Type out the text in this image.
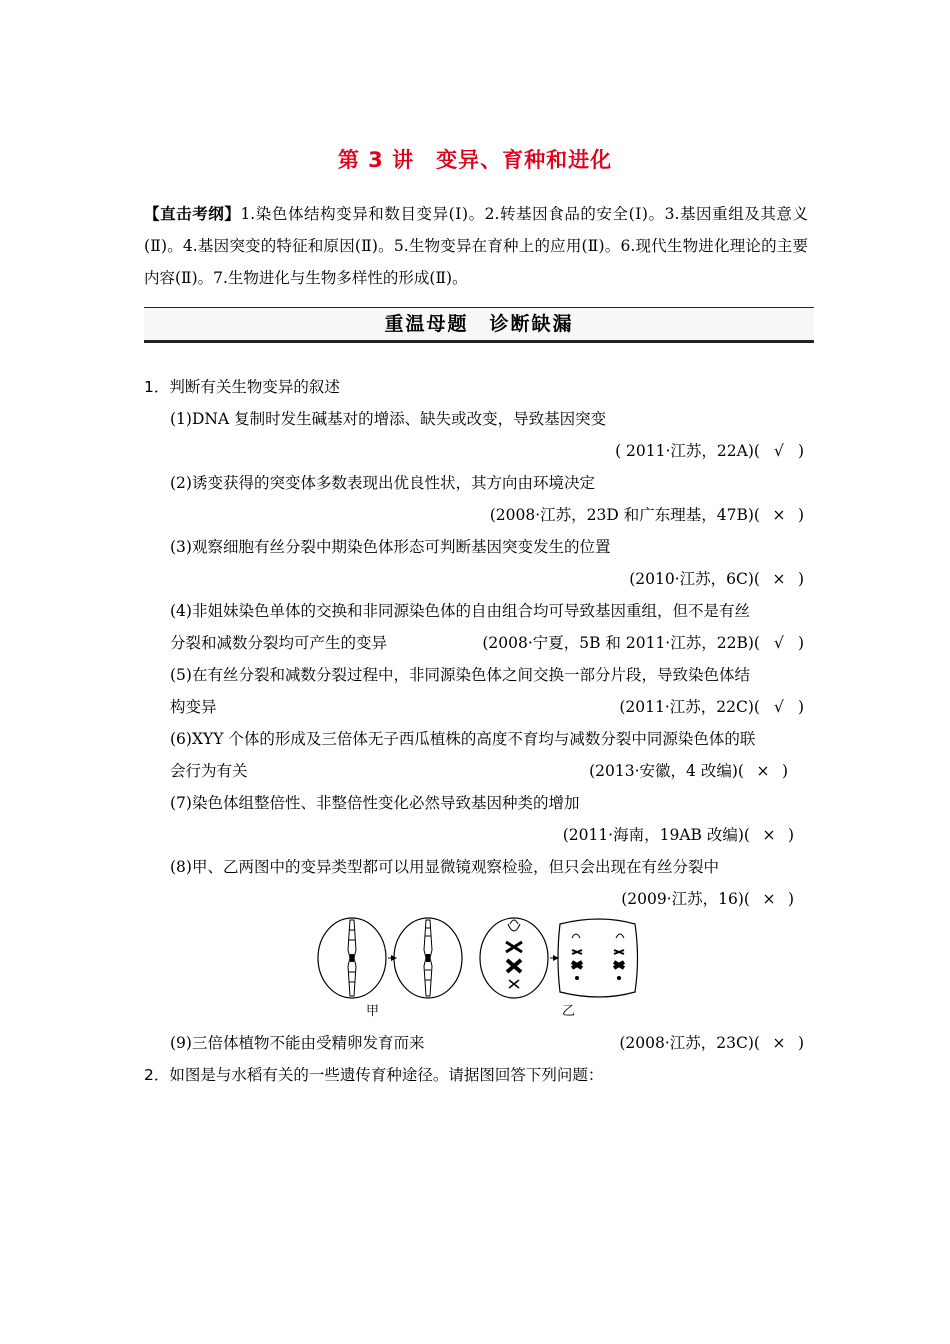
第 3 讲　变异、育种和进化
【直击考纲】1.染色体结构变异和数目变异(Ⅰ)。2.转基因食品的安全(Ⅰ)。3.基因重组及其意义(Ⅱ)。4.基因突变的特征和原因(Ⅱ)。5.生物变异在育种上的应用(Ⅱ)。6.现代生物进化理论的主要内容(Ⅱ)。7.生物进化与生物多样性的形成(Ⅱ)。
重温母题　诊断缺漏
1．判断有关生物变异的叙述
(1)DNA 复制时发生碱基对的增添、缺失或改变，导致基因突变
( 2011·江苏，22A)( √ )
(2)诱变获得的突变体多数表现出优良性状，其方向由环境决定
(2008·江苏，23D 和广东理基，47B)( × )
(3)观察细胞有丝分裂中期染色体形态可判断基因突变发生的位置
(2010·江苏，6C)( × )
(4)非姐妹染色单体的交换和非同源染色体的自由组合均可导致基因重组，但不是有丝
分裂和减数分裂均可产生的变异	(2008·宁夏，5B 和 2011·江苏，22B)( √ )
(5)在有丝分裂和减数分裂过程中，非同源染色体之间交换一部分片段，导致染色体结
构变异	(2011·江苏，22C)( √ )
(6)XYY 个体的形成及三倍体无子西瓜植株的高度不育均与减数分裂中同源染色体的联
会行为有关	(2013·安徽，4 改编)( × )
(7)染色体组整倍性、非整倍性变化必然导致基因种类的增加
(2011·海南，19AB 改编)( × )
(8)甲、乙两图中的变异类型都可以用显微镜观察检验，但只会出现在有丝分裂中
(2009·江苏，16)( × )
甲	乙
(9)三倍体植物不能由受精卵发育而来	(2008·江苏，23C)( × )
2．如图是与水稻有关的一些遗传育种途径。请据图回答下列问题：
